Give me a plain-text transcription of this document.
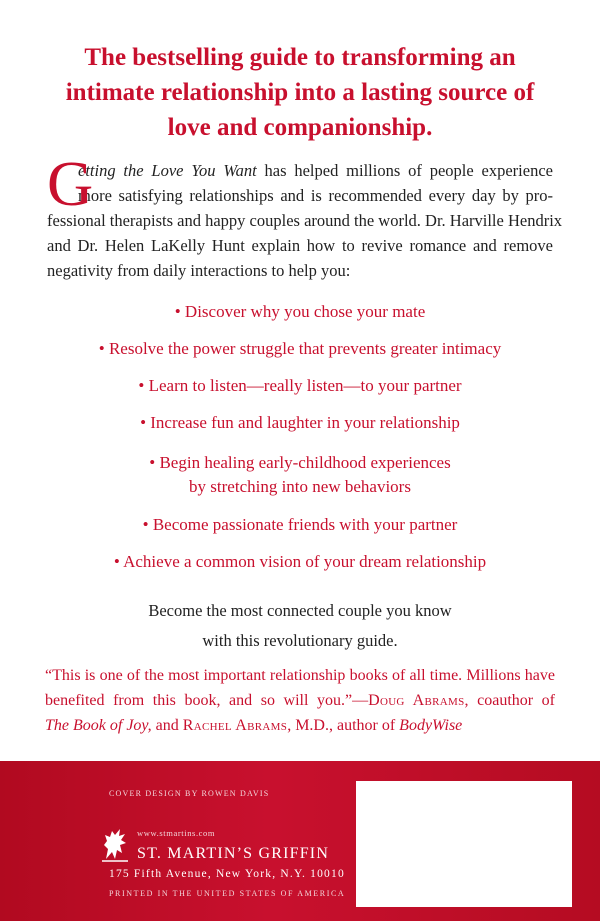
The bestselling guide to transforming an
intimate relationship into a lasting source of
love and companionship.
G
etting the Love You Want has helped millions of people experience
more satisfying relationships and is recommended every day by pro-
fessional therapists and happy couples around the world. Dr. Harville Hendrix
and Dr. Helen LaKelly Hunt explain how to revive romance and remove
negativity from daily interactions to help you:
• Discover why you chose your mate
• Resolve the power struggle that prevents greater intimacy
• Learn to listen—really listen—to your partner
• Increase fun and laughter in your relationship
• Begin healing early-childhood experiences
by stretching into new behaviors
• Become passionate friends with your partner
• Achieve a common vision of your dream relationship
Become the most connected couple you know
with this revolutionary guide.
“This is one of the most important relationship books of all time. Millions have
benefited from this book, and so will you.”—Doug Abrams, coauthor of
The Book of Joy, and Rachel Abrams, M.D., author of BodyWise
COVER DESIGN BY ROWEN DAVIS
www.stmartins.com
ST. MARTIN’S GRIFFIN
175 Fifth Avenue, New York, N.Y. 10010
PRINTED IN THE UNITED STATES OF AMERICA
